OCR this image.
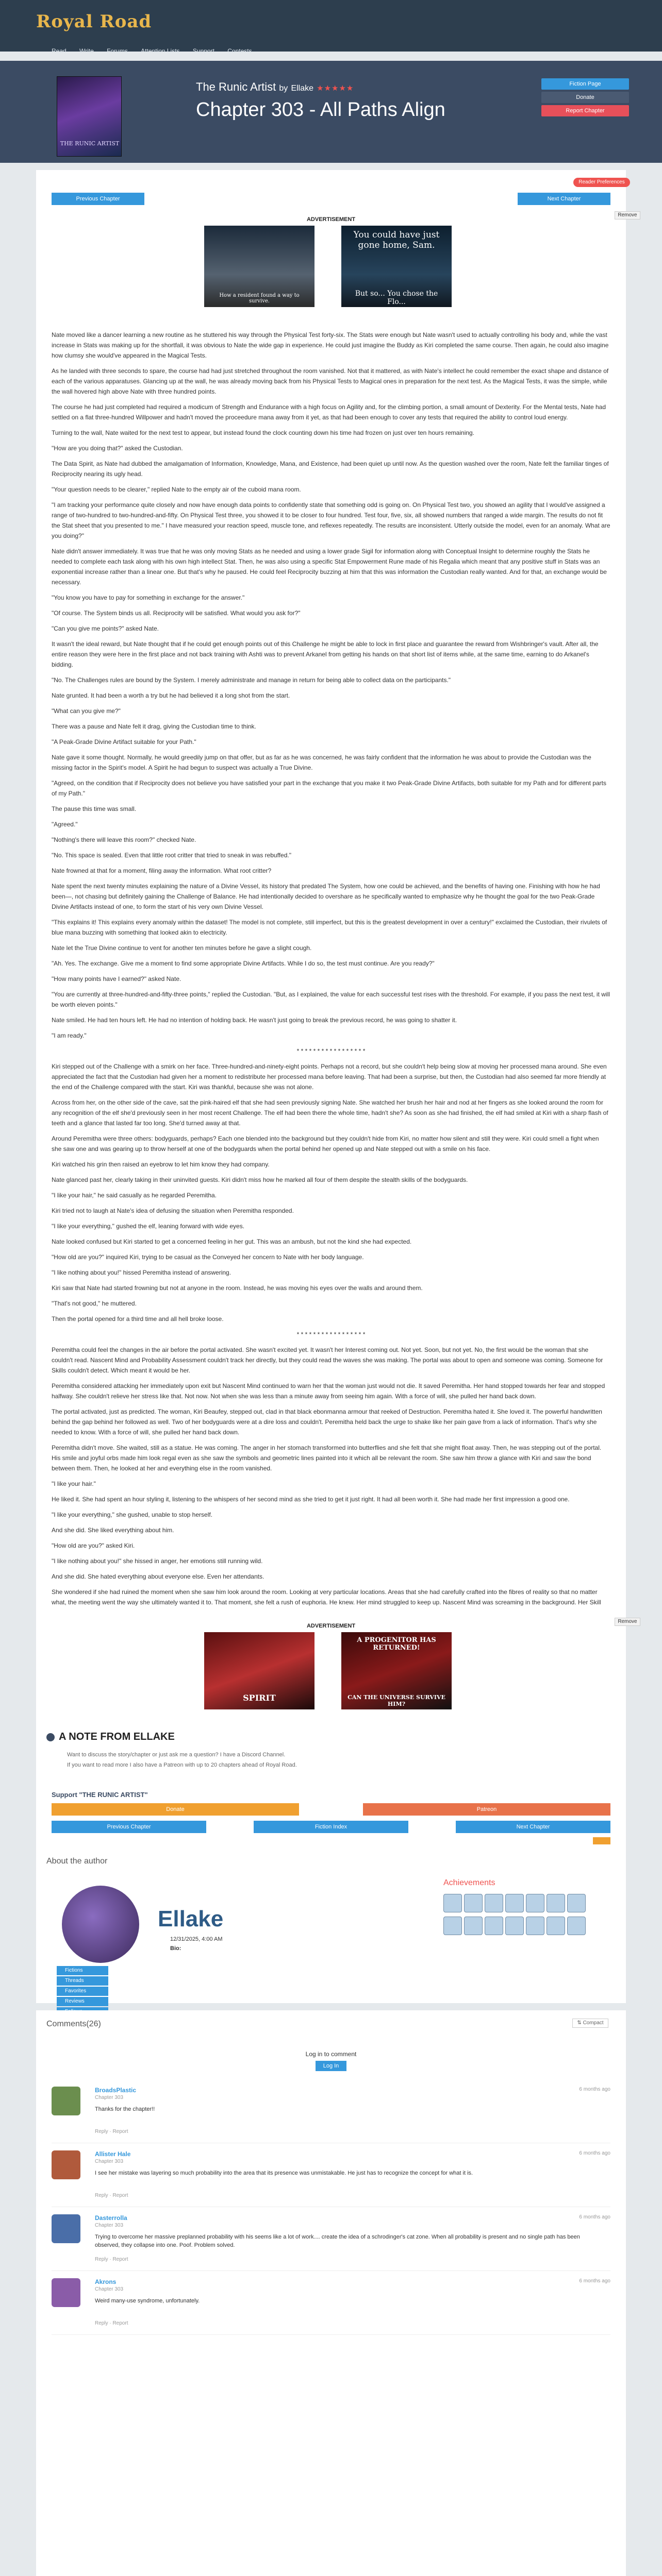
Royal Road
Read Write Forums Attention Lists Support Contests
THE RUNIC ARTIST
The Runic Artist by Ellake ★★★★★
Chapter 303 - All Paths Align
Fiction Page
Donate
Report Chapter
Reader Preferences
Previous Chapter	Next Chapter
ADVERTISEMENT
Remove
How a resident found a way to survive.
You could have just gone home, Sam.
But so... You chose the Flo...

Nate moved like a dancer learning a new routine as he stuttered his way through the Physical Test forty-six. The Stats were enough but Nate wasn't used to actually controlling his body and, while the vast increase in Stats was making up for the shortfall, it was obvious to Nate the wide gap in experience. He could just imagine the Buddy as Kiri completed the same course. Then again, he could also imagine how clumsy she would've appeared in the Magical Tests.

As he landed with three seconds to spare, the course had had just stretched throughout the room vanished. Not that it mattered, as with Nate's intellect he could remember the exact shape and distance of each of the various apparatuses. Glancing up at the wall, he was already moving back from his Physical Tests to Magical ones in preparation for the next test. As the Magical Tests, it was the simple, while the wall hovered high above Nate with three hundred points.

The course he had just completed had required a modicum of Strength and Endurance with a high focus on Agility and, for the climbing portion, a small amount of Dexterity. For the Mental tests, Nate had settled on a flat three-hundred Willpower and hadn't moved the proceedure mana away from it yet, as that had been enough to cover any tests that required the ability to control loud energy.

Turning to the wall, Nate waited for the next test to appear, but instead found the clock counting down his time had frozen on just over ten hours remaining.

"How are you doing that?" asked the Custodian.

The Data Spirit, as Nate had dubbed the amalgamation of Information, Knowledge, Mana, and Existence, had been quiet up until now. As the question washed over the room, Nate felt the familiar tinges of Reciprocity nearing its ugly head.

"Your question needs to be clearer," replied Nate to the empty air of the cuboid mana room.

"I am tracking your performance quite closely and now have enough data points to confidently state that something odd is going on. On Physical Test two, you showed an agility that I would've assigned a range of two-hundred to two-hundred-and-fifty. On Physical Test three, you showed it to be closer to four hundred. Test four, five, six, all showed numbers that ranged a wide margin. The results do not fit the Stat sheet that you presented to me." I have measured your reaction speed, muscle tone, and reflexes repeatedly. The results are inconsistent. Utterly outside the model, even for an anomaly. What are you doing?"

Nate didn't answer immediately. It was true that he was only moving Stats as he needed and using a lower grade Sigil for information along with Conceptual Insight to determine roughly the Stats he needed to complete each task along with his own high intellect Stat. Then, he was also using a specific Stat Empowerment Rune made of his Regalia which meant that any positive stuff in Stats was an exponential increase rather than a linear one. But that's why he paused. He could feel Reciprocity buzzing at him that this was information the Custodian really wanted. And for that, an exchange would be necessary.

"You know you have to pay for something in exchange for the answer."

"Of course. The System binds us all. Reciprocity will be satisfied. What would you ask for?"

"Can you give me points?" asked Nate.

It wasn't the ideal reward, but Nate thought that if he could get enough points out of this Challenge he might be able to lock in first place and guarantee the reward from Wishbringer's vault. After all, the entire reason they were here in the first place and not back training with Ashti was to prevent Arkanel from getting his hands on that short list of items while, at the same time, earning to do Arkanel's bidding.

"No. The Challenges rules are bound by the System. I merely administrate and manage in return for being able to collect data on the participants."

Nate grunted. It had been a worth a try but he had believed it a long shot from the start.

"What can you give me?"

There was a pause and Nate felt it drag, giving the Custodian time to think.

"A Peak-Grade Divine Artifact suitable for your Path."

Nate gave it some thought. Normally, he would greedily jump on that offer, but as far as he was concerned, he was fairly confident that the information he was about to provide the Custodian was the missing factor in the Spirit's model. A Spirit he had begun to suspect was actually a True Divine.

"Agreed, on the condition that if Reciprocity does not believe you have satisfied your part in the exchange that you make it two Peak-Grade Divine Artifacts, both suitable for my Path and for different parts of my Path."

The pause this time was small.

"Agreed."

"Nothing's there will leave this room?" checked Nate.

"No. This space is sealed. Even that little root critter that tried to sneak in was rebuffed."

Nate frowned at that for a moment, filing away the information. What root critter?

Nate spent the next twenty minutes explaining the nature of a Divine Vessel, its history that predated The System, how one could be achieved, and the benefits of having one. Finishing with how he had been—, not chasing but definitely gaining the Challenge of Balance. He had intentionally decided to overshare as he specifically wanted to emphasize why he thought the goal for the two Peak-Grade Divine Artifacts instead of one, to form the start of his very own Divine Vessel.

"This explains it! This explains every anomaly within the dataset! The model is not complete, still imperfect, but this is the greatest development in over a century!" exclaimed the Custodian, their rivulets of blue mana buzzing with something that looked akin to electricity.

Nate let the True Divine continue to vent for another ten minutes before he gave a slight cough.

"Ah. Yes. The exchange. Give me a moment to find some appropriate Divine Artifacts. While I do so, the test must continue. Are you ready?"

"How many points have I earned?" asked Nate.

"You are currently at three-hundred-and-fifty-three points," replied the Custodian. "But, as I explained, the value for each successful test rises with the threshold. For example, if you pass the next test, it will be worth eleven points."

Nate smiled. He had ten hours left. He had no intention of holding back. He wasn't just going to break the previous record, he was going to shatter it.

"I am ready."

* * * * * * * * * * * * * * * * *

Kiri stepped out of the Challenge with a smirk on her face. Three-hundred-and-ninety-eight points. Perhaps not a record, but she couldn't help being slow at moving her processed mana around. She even appreciated the fact that the Custodian had given her a moment to redistribute her processed mana before leaving. That had been a surprise, but then, the Custodian had also seemed far more friendly at the end of the Challenge compared with the start. Kiri was thankful, because she was not alone.

Across from her, on the other side of the cave, sat the pink-haired elf that she had seen previously signing Nate. She watched her brush her hair and nod at her fingers as she looked around the room for any recognition of the elf she'd previously seen in her most recent Challenge. The elf had been there the whole time, hadn't she? As soon as she had finished, the elf had smiled at Kiri with a sharp flash of teeth and a glance that lasted far too long. She'd turned away at that.

Around Peremitha were three others: bodyguards, perhaps? Each one blended into the background but they couldn't hide from Kiri, no matter how silent and still they were. Kiri could smell a fight when she saw one and was gearing up to throw herself at one of the bodyguards when the portal behind her opened up and Nate stepped out with a smile on his face.

Kiri watched his grin then raised an eyebrow to let him know they had company.

Nate glanced past her, clearly taking in their uninvited guests. Kiri didn't miss how he marked all four of them despite the stealth skills of the bodyguards.

"I like your hair," he said casually as he regarded Peremitha.

Kiri tried not to laugh at Nate's idea of defusing the situation when Peremitha responded.

"I like your everything," gushed the elf, leaning forward with wide eyes.

Nate looked confused but Kiri started to get a concerned feeling in her gut. This was an ambush, but not the kind she had expected.

"How old are you?" inquired Kiri, trying to be casual as the Conveyed her concern to Nate with her body language.

"I like nothing about you!" hissed Peremitha instead of answering.

Kiri saw that Nate had started frowning but not at anyone in the room. Instead, he was moving his eyes over the walls and around them.

"That's not good," he muttered.

Then the portal opened for a third time and all hell broke loose.

* * * * * * * * * * * * * * * * *

Peremitha could feel the changes in the air before the portal activated. She wasn't excited yet. It wasn't her Interest coming out. Not yet. Soon, but not yet. No, the first would be the woman that she couldn't read. Nascent Mind and Probability Assessment couldn't track her directly, but they could read the waves she was making. The portal was about to open and someone was coming. Someone for Skills couldn't detect. Which meant it would be her.

Peremitha considered attacking her immediately upon exit but Nascent Mind continued to warn her that the woman just would not die. It saved Peremitha. Her hand stopped towards her fear and stopped halfway. She couldn't relieve her stress like that. Not now. Not when she was less than a minute away from seeing him again. With a force of will, she pulled her hand back down.

The portal activated, just as predicted. The woman, Kiri Beaufey, stepped out, clad in that black ebonmanna armour that reeked of Destruction. Peremitha hated it. She loved it. The powerful handwritten behind the gap behind her followed as well. Two of her bodyguards were at a dire loss and couldn't. Peremitha held back the urge to shake like her pain gave from a lack of information. That's why she needed to know. With a force of will, she pulled her hand back down.

Peremitha didn't move. She waited, still as a statue. He was coming. The anger in her stomach transformed into butterflies and she felt that she might float away. Then, he was stepping out of the portal. His smile and joyful orbs made him look regal even as she saw the symbols and geometric lines painted into it which all be relevant the room. She saw him throw a glance with Kiri and saw the bond between them. Then, he looked at her and everything else in the room vanished.

"I like your hair."

He liked it. She had spent an hour styling it, listening to the whispers of her second mind as she tried to get it just right. It had all been worth it. She had made her first impression a good one.

"I like your everything," she gushed, unable to stop herself.

And she did. She liked everything about him.

"How old are you?" asked Kiri.

"I like nothing about you!" she hissed in anger, her emotions still running wild.

And she did. She hated everything about everyone else. Even her attendants.

She wondered if she had ruined the moment when she saw him look around the room. Looking at very particular locations. Areas that she had carefully crafted into the fibres of reality so that no matter what, the meeting went the way she ultimately wanted it to. That moment, she felt a rush of euphoria. He knew. Her mind struggled to keep up. Nascent Mind was screaming in the background. Her Skill

ADVERTISEMENT
Remove
SPIRIT
A PROGENITOR HAS RETURNED!
CAN THE UNIVERSE SURVIVE HIM?
A NOTE FROM ELLAKE
Want to discuss the story/chapter or just ask me a question? I have a Discord Channel.
If you want to read more I also have a Patreon with up to 20 chapters ahead of Royal Road.
Support "THE RUNIC ARTIST"
Donate	Patreon
Previous Chapter	Fiction Index	Next Chapter
About the author
Ellake
12/31/2025, 4:00 AM
Bio:
Fictions
Threads
Favorites
Reviews
Achievements
Comments(26)	⇅ Compact
Log in to comment
Log In
BroadsPlastic
Chapter 303
Thanks for the chapter!!
6 months ago
Reply · Report
Allister Hale
Chapter 303
I see her mistake was layering so much probability into the area that its presence was unmistakable. He just has to recognize the concept for what it is.
6 months ago
Reply · Report
Dasterrolla
Chapter 303
Trying to overcome her massive preplanned probability with his seems like a lot of work.... create the idea of a schrodinger's cat zone. When all probability is present and no single path has been observed, they collapse into one. Poof. Problem solved.
6 months ago
Reply · Report
Akrons
Chapter 303
Weird many-use syndrome, unfortunately.
6 months ago
Reply · Report
